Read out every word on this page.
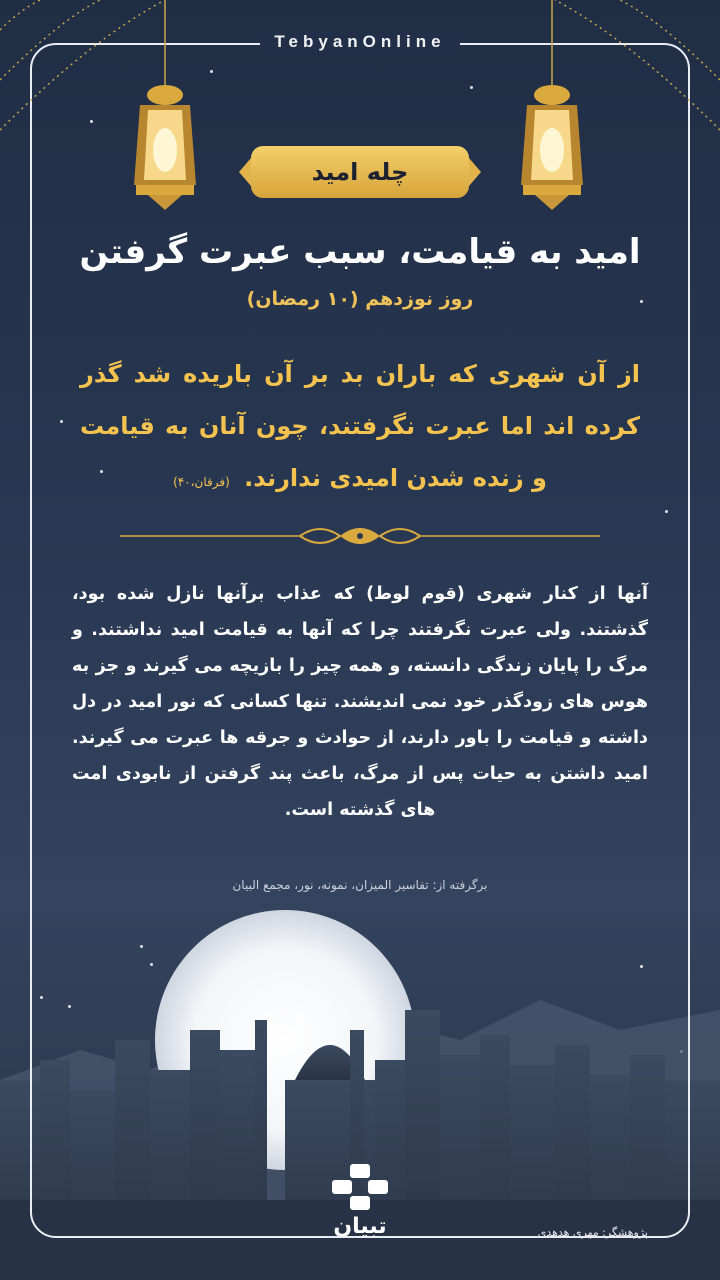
TebyanOnline
چله امید
امید به قیامت، سبب عبرت گرفتن
روز نوزدهم (۱۰ رمضان)
از آن شهری که باران بد بر آن باریده شد گذر کرده اند اما عبرت نگرفتند، چون آنان به قیامت و زنده شدن امیدی ندارند. (فرقان،۴۰)
آنها از کنار شهری (قوم لوط) که عذاب برآنها نازل شده بود، گذشتند. ولی عبرت نگرفتند چرا که آنها به قیامت امید نداشتند. و مرگ را پایان زندگی دانسته، و همه چیز را بازیچه می گیرند و جز به هوس های زودگذر خود نمی اندیشند. تنها کسانی که نور امید در دل داشته و قیامت را باور دارند، از حوادث و جرقه ها عبرت می گیرند. امید داشتن به حیات پس از مرگ، باعث پند گرفتن از نابودی امت های گذشته است.
برگرفته از: تفاسیر المیزان، نمونه، نور، مجمع البیان
تبیان	پژوهشگر: مهری هدهدی
